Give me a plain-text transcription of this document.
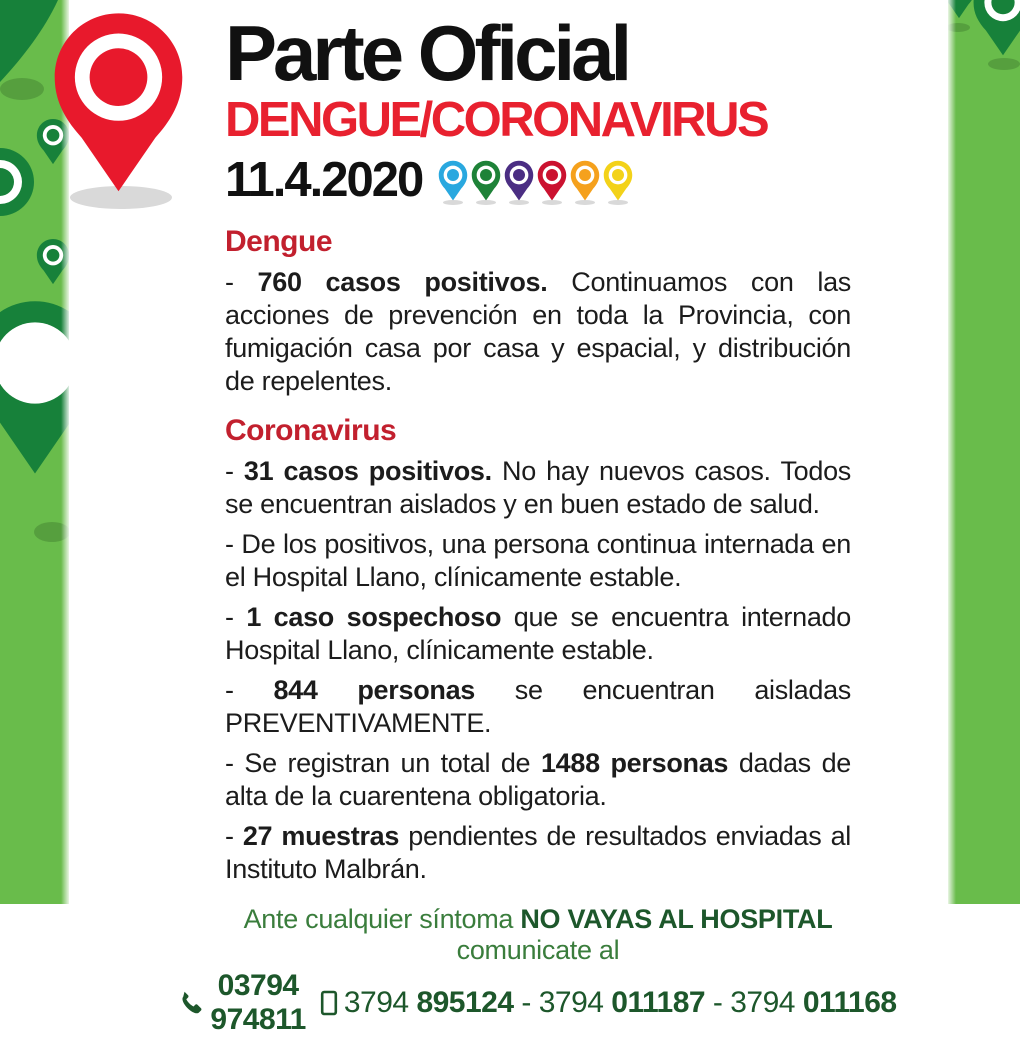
Parte Oficial
DENGUE/CORONAVIRUS
11.4.2020
Dengue

- 760 casos positivos. Continuamos con las acciones de prevención en toda la Provincia, con fumigación casa por casa y espacial, y distribución de repelentes.

Coronavirus

- 31 casos positivos. No hay nuevos casos. Todos se encuentran aislados y en buen estado de salud.

- De los positivos, una persona continua internada en el Hospital Llano, clínicamente estable.

- 1 caso sospechoso que se encuentra internado Hospital Llano, clínicamente estable.

- 844 personas se encuentran aisladas PREVENTIVAMENTE.

- Se registran un total de 1488 personas dadas de alta de la cuarentena obligatoria.

- 27 muestras pendientes de resultados enviadas al Instituto Malbrán.

Ante cualquier síntoma NO VAYAS AL HOSPITAL comunicate al
03794 974811
3794 895124 - 3794 011187 - 3794 011168
